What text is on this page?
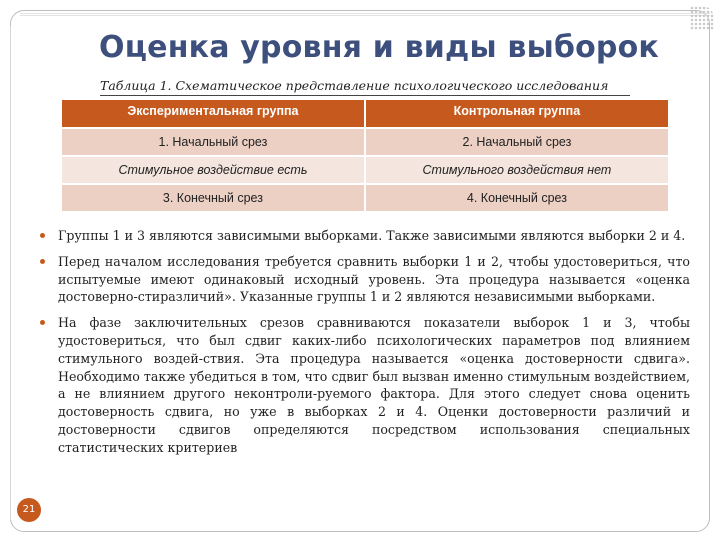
Оценка уровня и виды выборок
Таблица 1. Схематическое представление психологического исследования
Экспериментальная группа	Контрольная группа
1. Начальный срез	2. Начальный срез
Стимульное воздействие есть	Стимульного воздействия нет
3. Конечный срез	4. Конечный срез
Группы 1 и 3 являются зависимыми выборками. Также зависимыми являются выборки 2 и 4.
Перед началом исследования требуется сравнить выборки 1 и 2, чтобы удостовериться, что испытуемые имеют одинаковый исходный уровень. Эта процедура называется «оценка достоверно-стиразличий». Указанные группы 1 и 2 являются независимыми выборками.
На фазе заключительных срезов сравниваются показатели выборок 1 и 3, чтобы удостовериться, что был сдвиг каких-либо психологических параметров под влиянием стимульного воздей-ствия. Эта процедура называется «оценка достоверности сдвига». Необходимо также убедиться в том, что сдвиг был вызван именно стимульным воздействием, а не влиянием другого неконтроли-руемого фактора. Для этого следует снова оценить достоверность сдвига, но уже в выборках 2 и 4. Оценки достоверности различий и достоверности сдвигов определяются посредством использования специальных статистических критериев
21
